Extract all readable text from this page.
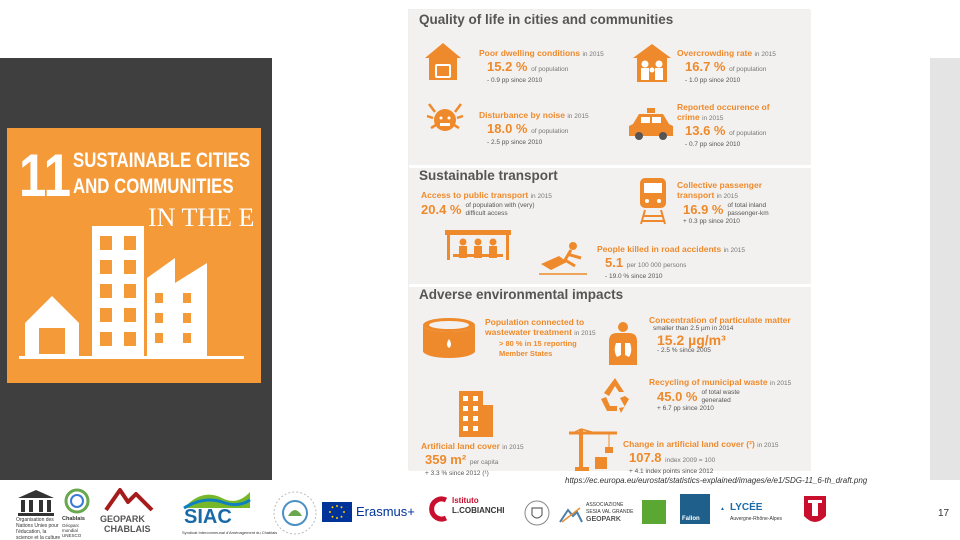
11 SUSTAINABLE CITIES
AND COMMUNITIES
IN THE E
Quality of life in cities and communities
Poor dwelling conditions in 2015
15.2 % of population
- 0.9 pp since 2010
Overcrowding rate in 2015
16.7 % of population
- 1.0 pp since 2010
Disturbance by noise in 2015
18.0 % of population
- 2.5 pp since 2010
Reported occurence of crime in 2015
13.6 % of population
- 0.7 pp since 2010
Sustainable transport
Access to public transport in 2015
20.4 % of population with (very) difficult access
Collective passenger transport in 2015
16.9 % of total inland passenger-km
+ 0.3 pp since 2010
People killed in road accidents in 2015
5.1 per 100 000 persons
- 19.0 % since 2010
Adverse environmental impacts
Population connected to wastewater treatment in 2015
> 80 % in 15 reporting Member States
Concentration of particulate matter
smaller than 2.5 µm in 2014
15.2 µg/m³
- 2.5 % since 2005
Recycling of municipal waste in 2015
45.0 % of total waste generated
+ 6.7 pp since 2010
Artificial land cover in 2015
359 m² per capita
+ 3.3 % since 2012 (¹)
Change in artificial land cover (²) in 2015
107.8 index 2009 = 100
+ 4.1 index points since 2012
https://ec.europa.eu/eurostat/statistics-explained/images/e/e1/SDG-11_6-th_draft.png
Organisation des Nations Unies pour l'éducation, la science et la culture
Chablais
Géoparc mondial UNESCO
GEOPARK
CHABLAIS
SIAC
Syndicat Intercommunal d'Aménagement du Chablais
Erasmus+
Istituto
L.COBIANCHI
ASSOCIAZIONE
SESIA VAL GRANDE
GEOPARK	Fallon
▲ LYCÉE
Auvergne-Rhône-Alpes	17
